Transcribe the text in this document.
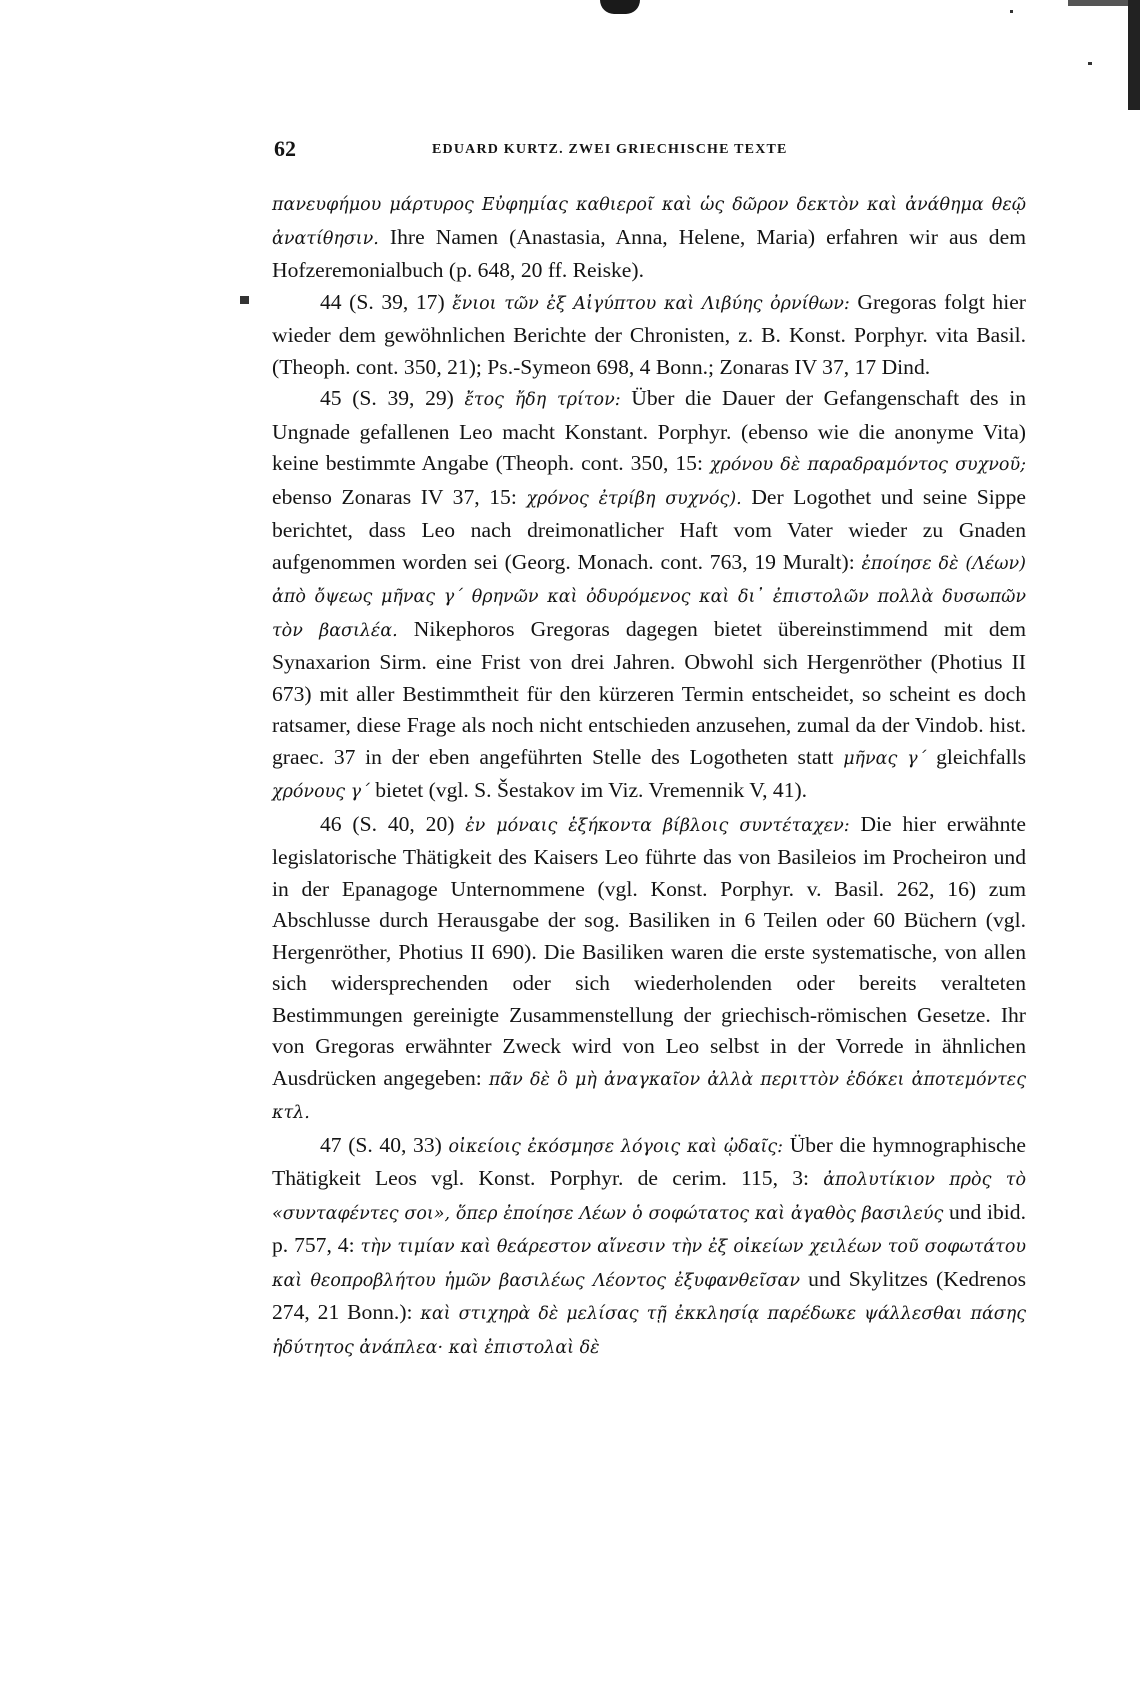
62	EDUARD KURTZ. ZWEI GRIECHISCHE TEXTE

πανευφήμου μάρτυρος Εὐφημίας καθιεροῖ καὶ ὡς δῶρον δεκτὸν καὶ ἀνάθημα θεῷ ἀνατίθησιν. Ihre Namen (Anastasia, Anna, Helene, Maria) erfahren wir aus dem Hofzeremonialbuch (p. 648, 20 ff. Reiske).

44 (S. 39, 17) ἔνιοι τῶν ἐξ Αἰγύπτου καὶ Λιβύης ὀρνίθων: Gregoras folgt hier wieder dem gewöhnlichen Berichte der Chronisten, z. B. Konst. Porphyr. vita Basil. (Theoph. cont. 350, 21); Ps.-Symeon 698, 4 Bonn.; Zonaras IV 37, 17 Dind.

45 (S. 39, 29) ἔτος ἤδη τρίτον: Über die Dauer der Gefangenschaft des in Ungnade gefallenen Leo macht Konstant. Porphyr. (ebenso wie die anonyme Vita) keine bestimmte Angabe (Theoph. cont. 350, 15: χρόνου δὲ παραδραμόντος συχνοῦ; ebenso Zonaras IV 37, 15: χρόνος ἐτρίβη συχνός). Der Logothet und seine Sippe berichtet, dass Leo nach dreimonatlicher Haft vom Vater wieder zu Gnaden aufgenommen worden sei (Georg. Monach. cont. 763, 19 Muralt): ἐποίησε δὲ (Λέων) ἀπὸ ὄψεως μῆνας γ΄ θρηνῶν καὶ ὀδυρόμενος καὶ δι᾿ ἐπιστολῶν πολλὰ δυσωπῶν τὸν βασιλέα. Nikephoros Gregoras dagegen bietet übereinstimmend mit dem Synaxarion Sirm. eine Frist von drei Jahren. Obwohl sich Hergenröther (Photius II 673) mit aller Bestimmtheit für den kürzeren Termin entscheidet, so scheint es doch ratsamer, diese Frage als noch nicht entschieden anzusehen, zumal da der Vindob. hist. graec. 37 in der eben angeführten Stelle des Logotheten statt μῆνας γ΄ gleichfalls χρόνους γ΄ bietet (vgl. S. Šestakov im Viz. Vremennik V, 41).

46 (S. 40, 20) ἐν μόναις ἑξήκοντα βίβλοις συντέταχεν: Die hier erwähnte legislatorische Thätigkeit des Kaisers Leo führte das von Basileios im Procheiron und in der Epanagoge Unternommene (vgl. Konst. Porphyr. v. Basil. 262, 16) zum Abschlusse durch Herausgabe der sog. Basiliken in 6 Teilen oder 60 Büchern (vgl. Hergenröther, Photius II 690). Die Basiliken waren die erste systematische, von allen sich widersprechenden oder sich wiederholenden oder bereits veralteten Bestimmungen gereinigte Zusammenstellung der griechisch-römischen Gesetze. Ihr von Gregoras erwähnter Zweck wird von Leo selbst in der Vorrede in ähnlichen Ausdrücken angegeben: πᾶν δὲ ὃ μὴ ἀναγκαῖον ἀλλὰ περιττὸν ἐδόκει ἀποτεμόντες κτλ.

47 (S. 40, 33) οἰκείοις ἐκόσμησε λόγοις καὶ ᾠδαῖς: Über die hymnographische Thätigkeit Leos vgl. Konst. Porphyr. de cerim. 115, 3: ἀπολυτίκιον πρὸς τὸ «συνταφέντες σοι», ὅπερ ἐποίησε Λέων ὁ σοφώτατος καὶ ἀγαθὸς βασιλεύς und ibid. p. 757, 4: τὴν τιμίαν καὶ θεάρεστον αἴνεσιν τὴν ἐξ οἰκείων χειλέων τοῦ σοφωτάτου καὶ θεοπροβλήτου ἡμῶν βασιλέως Λέοντος ἐξυφανθεῖσαν und Skylitzes (Kedrenos 274, 21 Bonn.): καὶ στιχηρὰ δὲ μελίσας τῇ ἐκκλησίᾳ παρέδωκε ψάλλεσθαι πάσης ἡδύτητος ἀνάπλεα· καὶ ἐπιστολαὶ δὲ
